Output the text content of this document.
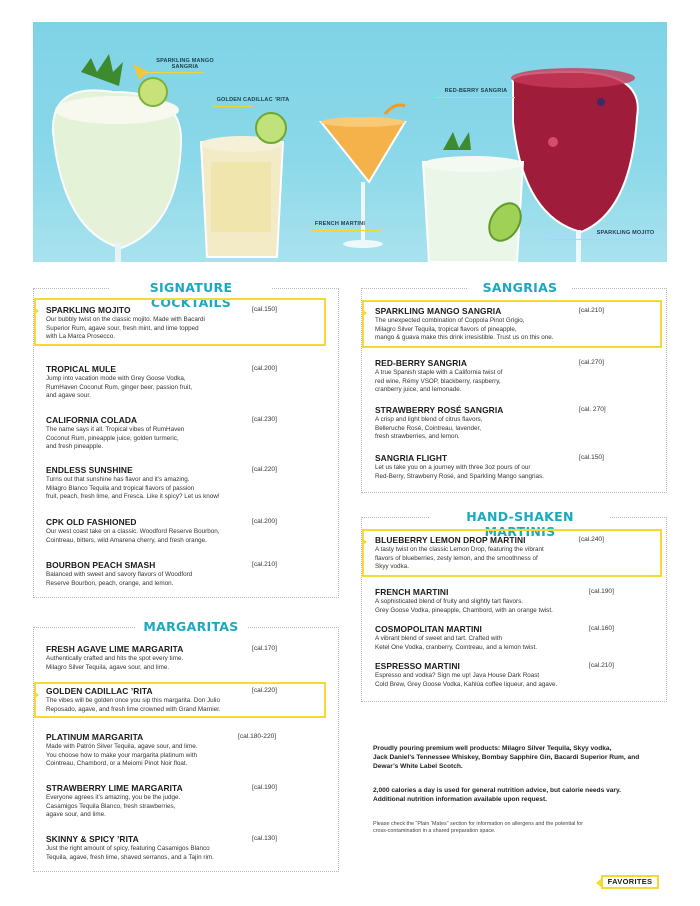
SPARKLING MANGO SANGRIA
GOLDEN CADILLAC ’RITA
RED-BERRY SANGRIA
FRENCH MARTINI
SPARKLING MOJITO
SIGNATURE COCKTAILS
SPARKLING MOJITO	[cal.150]
Our bubbly twist on the classic mojito. Made with Bacardi
Superior Rum, agave sour, fresh mint, and lime topped
with La Marca Prosecco.
TROPICAL MULE	[cal.200]
Jump into vacation mode with Grey Goose Vodka,
RumHaven Coconut Rum, ginger beer, passion fruit,
and agave sour.
CALIFORNIA COLADA	[cal.230]
The name says it all. Tropical vibes of RumHaven
Coconut Rum, pineapple juice, golden turmeric,
and fresh pineapple.
ENDLESS SUNSHINE	[cal.220]
Turns out that sunshine has flavor and it’s amazing.
Milagro Blanco Tequila and tropical flavors of passion
fruit, peach, fresh lime, and Fresca. Like it spicy? Let us know!
CPK OLD FASHIONED	[cal.200]
Our west coast take on a classic. Woodford Reserve Bourbon,
Cointreau, bitters, wild Amarena cherry, and fresh orange.
BOURBON PEACH SMASH	[cal.210]
Balanced with sweet and savory flavors of Woodford
Reserve Bourbon, peach, orange, and lemon.
MARGARITAS
FRESH AGAVE LIME MARGARITA	[cal.170]
Authentically crafted and hits the spot every time.
Milagro Silver Tequila, agave sour, and lime.
GOLDEN CADILLAC ’RITA	[cal.220]
The vibes will be golden once you sip this margarita. Don Julio
Reposado, agave, and fresh lime crowned with Grand Marnier.
PLATINUM MARGARITA	[cal.180-220]
Made with Patrón Silver Tequila, agave sour, and lime.
You choose how to make your margarita platinum with
Cointreau, Chambord, or a Meiomi Pinot Noir float.
STRAWBERRY LIME MARGARITA	[cal.190]
Everyone agrees it’s amazing, you be the judge.
Casamigos Tequila Blanco, fresh strawberries,
agave sour, and lime.
SKINNY & SPICY ’RITA	[cal.130]
Just the right amount of spicy, featuring Casamigos Blanco
Tequila, agave, fresh lime, shaved serranos, and a Tajín rim.
SANGRIAS
SPARKLING MANGO SANGRIA	[cal.210]
The unexpected combination of Coppola Pinot Grigio,
Milagro Silver Tequila, tropical flavors of pineapple,
mango & guava make this drink irresistible. Trust us on this one.
RED-BERRY SANGRIA	[cal.270]
A true Spanish staple with a California twist of
red wine, Rémy VSOP, blackberry, raspberry,
cranberry juice, and lemonade.
STRAWBERRY ROSÉ SANGRIA	[cal. 270]
A crisp and light blend of citrus flavors,
Belleruche Rosé, Cointreau, lavender,
fresh strawberries, and lemon.
SANGRIA FLIGHT	[cal.150]
Let us take you on a journey with three 3oz pours of our
Red-Berry, Strawberry Rosé, and Sparkling Mango sangrias.
HAND-SHAKEN MARTINIS
BLUEBERRY LEMON DROP MARTINI	[cal.240]
A tasty twist on the classic Lemon Drop, featuring the vibrant
flavors of blueberries, zesty lemon, and the smoothness of
Skyy vodka.
FRENCH MARTINI	[cal.190]
A sophisticated blend of fruity and slightly tart flavors.
Grey Goose Vodka, pineapple, Chambord, with an orange twist.
COSMOPOLITAN MARTINI	[cal.160]
A vibrant blend of sweet and tart. Crafted with
Ketel One Vodka, cranberry, Cointreau, and a lemon twist.
ESPRESSO MARTINI	[cal.210]
Espresso and vodka? Sign me up! Java House Dark Roast
Cold Brew, Grey Goose Vodka, Kahlúa coffee liqueur, and agave.
Proudly pouring premium well products: Milagro Silver Tequila, Skyy vodka,
Jack Daniel’s Tennessee Whiskey, Bombay Sapphire Gin, Bacardi Superior Rum, and
Dewar’s White Label Scotch.
2,000 calories a day is used for general nutrition advice, but calorie needs vary.
Additional nutrition information available upon request.
Please check the “Plain ‘Mates” section for information on allergens and the potential for
cross-contamination in a shared preparation space.
FAVORITES
